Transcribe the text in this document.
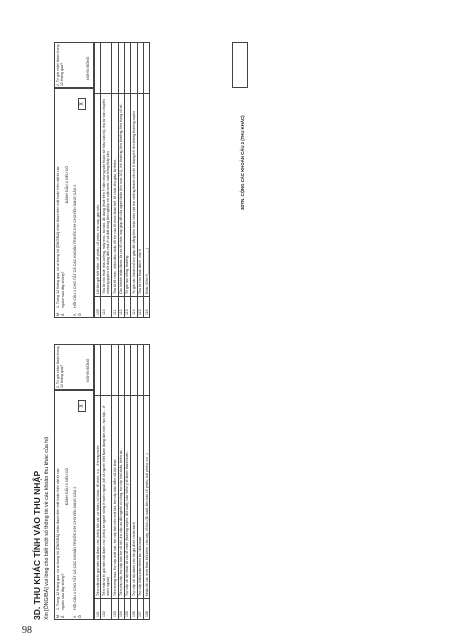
98
3D. THU KHÁC TÍNH VÀO THU NHẬP Xin [ÔNG/BÀ] vui lòng cho biết một số thông tin về các khoản thu khác của hộ M
Ã
1. Trong 12 tháng qua, có ai trong hộ [ÔNG/BÀ] nhận được tiền mặt hoặc hiện vật từ các nguồn sau đây không?
ĐÁNH DẤU X NẾU CÓ
S
Ô
HỎI CÂU 1 CHO TẤT CẢ CÁC KHOẢN TRƯỚC KHI CHUYỂN SANG CÂU 2
2. Trị giá nhận được trong 12 tháng qua?
X
NGHÌN ĐỒNG
101	Tiền mặt và trị giá hiện vật được cho (biếu) bởi các cá nhân, hộ khác, tổ chức, v.v... ở trong nước	
102	Tiền mặt và trị giá hiện vật được cho (biếu) từ người sống ở nước ngoài (kể cả người Việt Nam đang làm việc, học tập... ở nước ngoài)	
103	Tiền lương hưu, trợ cấp mất sức, trợ cấp thôi việc một lần, trợ cấp bảo hiểm xã hội khác	
104	Tiền phụ cấp, trợ cấp bảo trợ xã hội, trợ cấp ưu đãi người có công, trợ cấp khó khăn, thiên tai...	
105	Trợ cấp xã hội khác từ các tổ chức (thường xuyên, đột xuất), bảo hiểm y tế được thanh toán...	
106	Trợ cấp xã hội dành cho hộ gia đình chính sách	
107	Trợ cấp khẩu phần thiên tai, hỏa hoạn	
108	Nhận lãi các hình thức tiết kiệm, cho vay, cổ tức (lãi suất, tiền bán cổ phiếu, trái phiếu, v.v...)	
M
Ã
1. Trong 12 tháng qua, có ai trong hộ [ÔNG/BÀ] nhận được tiền mặt hoặc hiện vật từ các nguồn sau đây không?
ĐÁNH DẤU X NẾU CÓ
S
Ô
HỎI CÂU 1 CHO TẤT CẢ CÁC KHOẢN TRƯỚC KHI CHUYỂN SANG CÂU 2
2. Trị giá nhận được trong 12 tháng qua?
X
NGHÌN ĐỒNG
109	Lãi tiền gửi tiết kiệm, cổ phiếu, cổ phần, cho vay, góp vốn	
110	Thu từ cho thuê nhà xưởng, máy móc, tài sản, đồ dùng (thuê trên 9 năm nhưng vẫn thuộc sở hữu của hộ), thu từ bán chuyển nhượng quyền sử dụng đất, nhà ở và đất nông lâm nghiệp và mặt nước nuôi trồng thủy sản	
111	Thu từ tổ chức, nhận đào, hoặc hỗ trợ của tổ chức đoàn thể, tổ chức tôn giáo, từ thiện...	
112	Các khoản nhận được từ các tổ chức hay giúp đỡ của người thân (trừ mục 101), bồi thường, tiền thưởng, tiền trúng xổ số...	
113	Trị giá học bổng, thưởng	
114	Trị giá các khoản hỗ trợ giáp đỡ bằng tiền hoặc hiện vật cho những thành viên từ 6 tháng trở lên không thường xuyên	
115	Thu từ cho thuê đất ở, nhà ở	
116	Khác (Ghi rõ_____________)	
3DTN. CỘNG CÁC KHOẢN CÂU 2 (THU KHÁC)
